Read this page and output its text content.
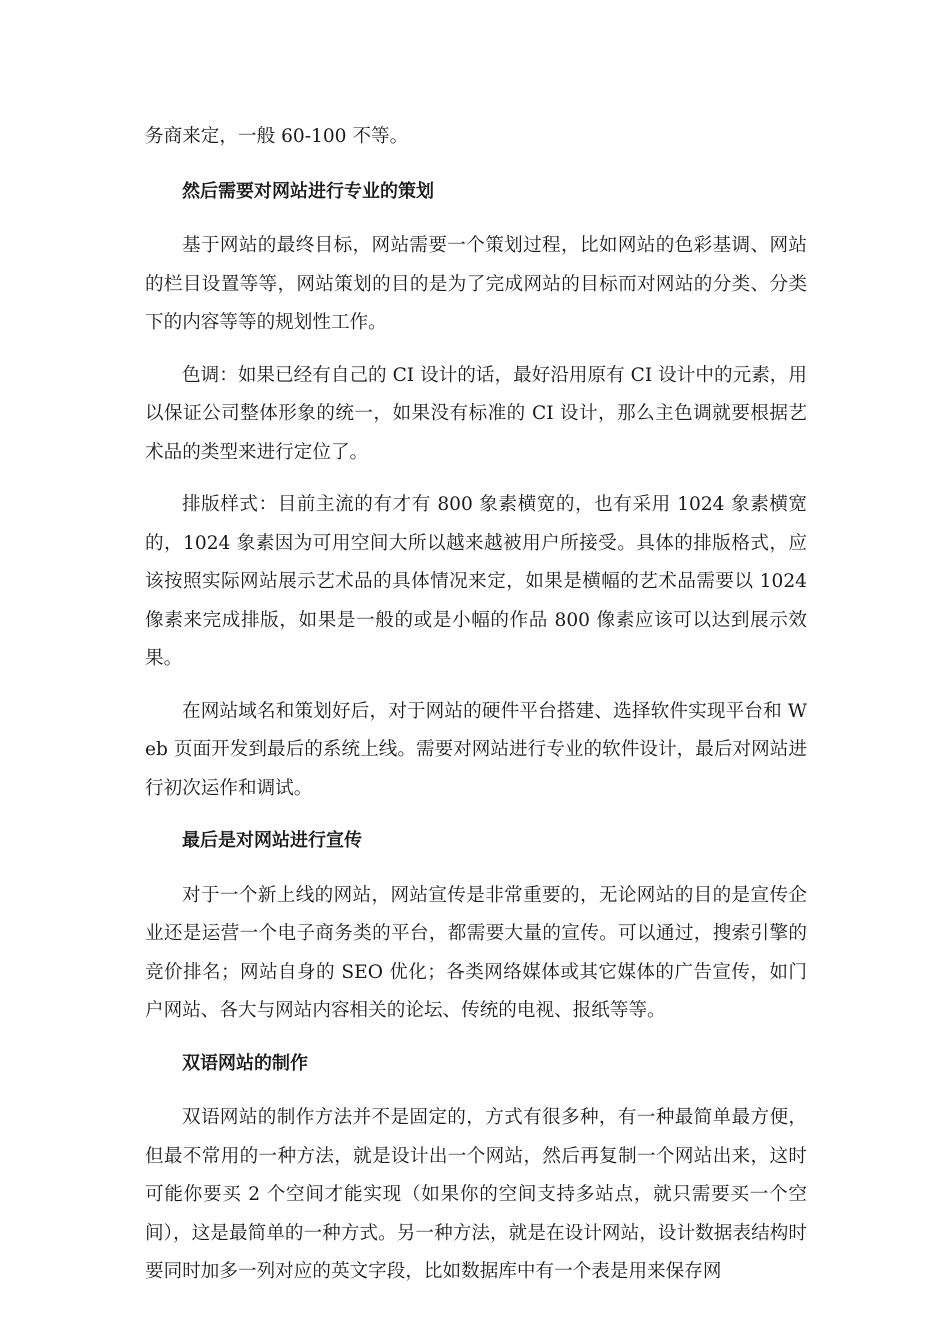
务商来定，一般 60-100 不等。

然后需要对网站进行专业的策划

基于网站的最终目标，网站需要一个策划过程，比如网站的色彩基调、网站的栏目设置等等，网站策划的目的是为了完成网站的目标而对网站的分类、分类下的内容等等的规划性工作。

色调：如果已经有自己的 CI 设计的话，最好沿用原有 CI 设计中的元素，用以保证公司整体形象的统一，如果没有标准的 CI 设计，那么主色调就要根据艺术品的类型来进行定位了。

排版样式：目前主流的有才有 800 象素横宽的，也有采用 1024 象素横宽的，1024 象素因为可用空间大所以越来越被用户所接受。具体的排版格式，应该按照实际网站展示艺术品的具体情况来定，如果是横幅的艺术品需要以 1024 像素来完成排版，如果是一般的或是小幅的作品 800 像素应该可以达到展示效果。

在网站域名和策划好后，对于网站的硬件平台搭建、选择软件实现平台和 Web 页面开发到最后的系统上线。需要对网站进行专业的软件设计，最后对网站进行初次运作和调试。

最后是对网站进行宣传

对于一个新上线的网站，网站宣传是非常重要的，无论网站的目的是宣传企业还是运营一个电子商务类的平台，都需要大量的宣传。可以通过，搜索引擎的竞价排名；网站自身的 SEO 优化；各类网络媒体或其它媒体的广告宣传，如门户网站、各大与网站内容相关的论坛、传统的电视、报纸等等。

双语网站的制作

双语网站的制作方法并不是固定的，方式有很多种，有一种最简单最方便，但最不常用的一种方法，就是设计出一个网站，然后再复制一个网站出来，这时可能你要买 2 个空间才能实现（如果你的空间支持多站点，就只需要买一个空间），这是最简单的一种方式。另一种方法，就是在设计网站，设计数据表结构时要同时加多一列对应的英文字段，比如数据库中有一个表是用来保存网
